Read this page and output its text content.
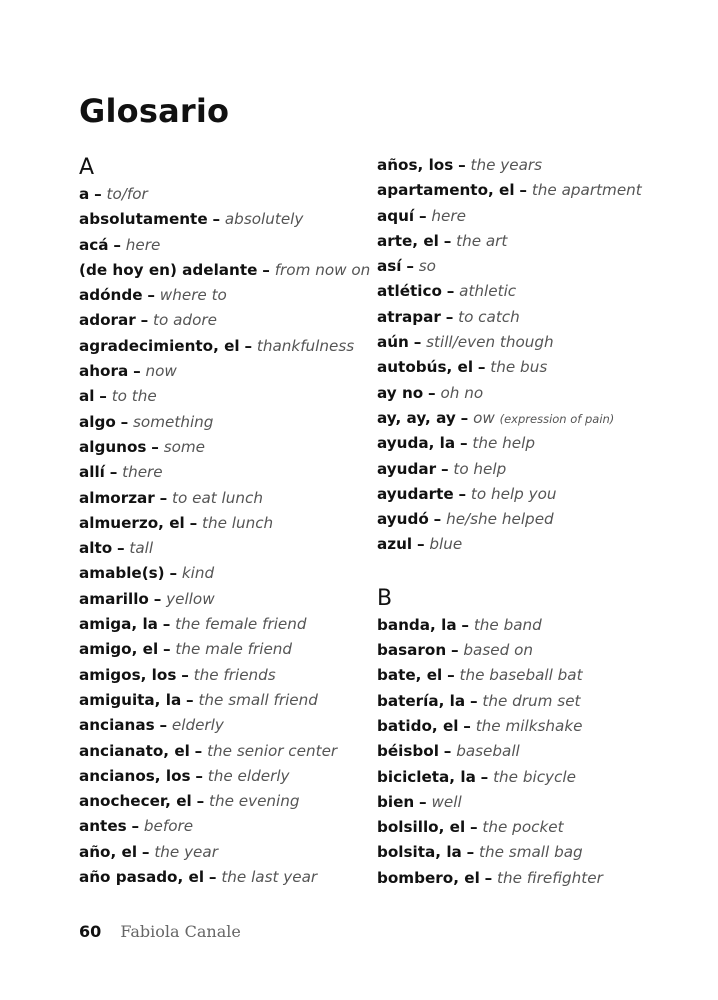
Glosario
A
a – to/for
absolutamente – absolutely
acá – here
(de hoy en) adelante – from now on
adónde – where to
adorar – to adore
agradecimiento, el – thankfulness
ahora – now
al – to the
algo – something
algunos – some
allí – there
almorzar – to eat lunch
almuerzo, el – the lunch
alto – tall
amable(s) – kind
amarillo – yellow
amiga, la – the female friend
amigo, el – the male friend
amigos, los – the friends
amiguita, la – the small friend
ancianas – elderly
ancianato, el – the senior center
ancianos, los – the elderly
anochecer, el – the evening
antes – before
año, el – the year
año pasado, el – the last year
años, los – the years
apartamento, el – the apartment
aquí – here
arte, el – the art
así – so
atlético – athletic
atrapar – to catch
aún – still/even though
autobús, el – the bus
ay no – oh no
ay, ay, ay – ow (expression of pain)
ayuda, la – the help
ayudar – to help
ayudarte – to help you
ayudó – he/she helped
azul – blue
B
banda, la – the band
basaron – based on
bate, el – the baseball bat
batería, la – the drum set
batido, el – the milkshake
béisbol – baseball
bicicleta, la – the bicycle
bien – well
bolsillo, el – the pocket
bolsita, la – the small bag
bombero, el – the firefighter
60 Fabiola Canale
